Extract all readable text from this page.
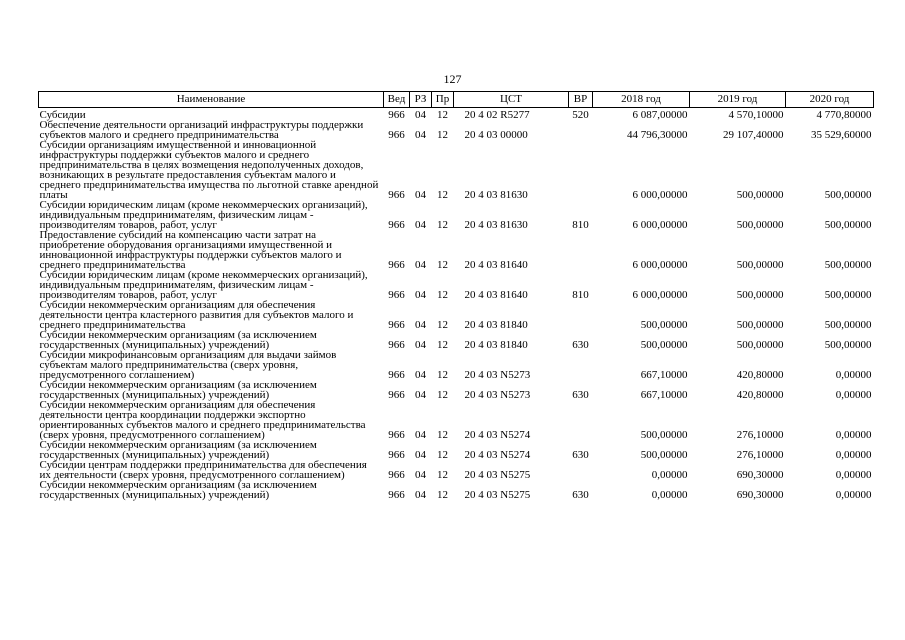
127
Наименование	Вед	РЗ	Пр	ЦСТ	ВР	2018 год	2019 год	2020 год
Субсидии	966	04	12	20 4 02 R5277	520	6 087,00000	4 570,10000	4 770,80000
Обеспечение деятельности организаций инфраструктуры поддержки субъектов малого и среднего предпринимательства	966	04	12	20 4 03 00000		44 796,30000	29 107,40000	35 529,60000
Субсидии организациям имущественной и инновационной инфраструктуры поддержки субъектов малого и среднего предпринимательства в целях возмещения недополученных доходов, возникающих в результате предоставления субъектам малого и среднего предпринимательства имущества по льготной ставке арендной платы	966	04	12	20 4 03 81630		6 000,00000	500,00000	500,00000
Субсидии юридическим лицам (кроме некоммерческих организаций), индивидуальным предпринимателям, физическим лицам - производителям товаров, работ, услуг	966	04	12	20 4 03 81630	810	6 000,00000	500,00000	500,00000
Предоставление субсидий на компенсацию части затрат на приобретение оборудования организациями имущественной и инновационной инфраструктуры поддержки субъектов малого и среднего предпринимательства	966	04	12	20 4 03 81640		6 000,00000	500,00000	500,00000
Субсидии юридическим лицам (кроме некоммерческих организаций), индивидуальным предпринимателям, физическим лицам - производителям товаров, работ, услуг	966	04	12	20 4 03 81640	810	6 000,00000	500,00000	500,00000
Субсидии некоммерческим организациям для обеспечения деятельности центра кластерного развития для субъектов малого и среднего предпринимательства	966	04	12	20 4 03 81840		500,00000	500,00000	500,00000
Субсидии некоммерческим организациям (за исключением государственных (муниципальных) учреждений)	966	04	12	20 4 03 81840	630	500,00000	500,00000	500,00000
Субсидии микрофинансовым организациям для выдачи займов субъектам малого предпринимательства (сверх уровня, предусмотренного соглашением)	966	04	12	20 4 03 N5273		667,10000	420,80000	0,00000
Субсидии некоммерческим организациям (за исключением государственных (муниципальных) учреждений)	966	04	12	20 4 03 N5273	630	667,10000	420,80000	0,00000
Субсидии некоммерческим организациям для обеспечения деятельности центра координации поддержки экспортно ориентированных субъектов малого и среднего предпринимательства (сверх уровня, предусмотренного соглашением)	966	04	12	20 4 03 N5274		500,00000	276,10000	0,00000
Субсидии некоммерческим организациям (за исключением государственных (муниципальных) учреждений)	966	04	12	20 4 03 N5274	630	500,00000	276,10000	0,00000
Субсидии центрам поддержки предпринимательства для обеспечения их деятельности (сверх уровня, предусмотренного соглашением)	966	04	12	20 4 03 N5275		0,00000	690,30000	0,00000
Субсидии некоммерческим организациям (за исключением государственных (муниципальных) учреждений)	966	04	12	20 4 03 N5275	630	0,00000	690,30000	0,00000
